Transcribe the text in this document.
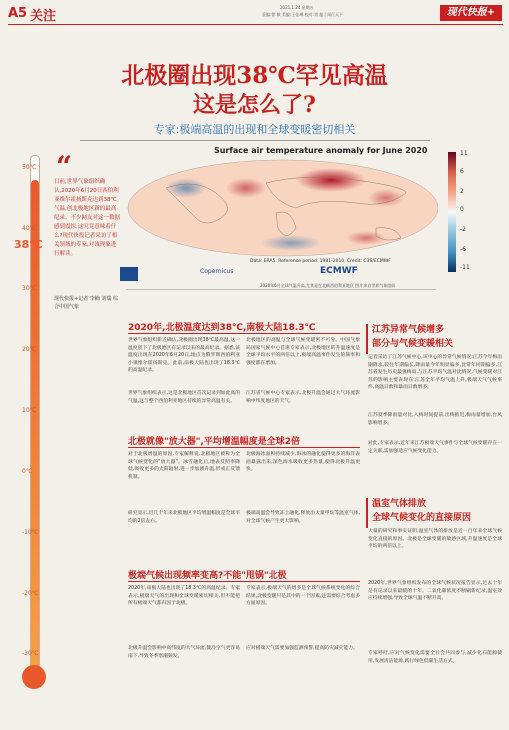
A5 关注
2021.1.24 星期五
责编:徐 敏 美编:王佳琳 校对:刘 超 | 闻行天下	现代快报+
北极圈出现38℃罕见高温
这是怎么了?
专家:极端高温的出现和全球变暖密切相关
50℃
40℃
30℃
20℃
10℃
0℃
-10℃
-20℃
-30℃
38℃
“
日前,世界气象组织确认,2020年6月20日西伯利亚维尔霍扬斯克达到38℃气温,创北极地区新的最高纪录。不少网友对这一数据感到震惊,这究竟意味着什么?现代快报记者采访了相关领域的专家,对该现象进行解读。
现代快报+记者 李楠 刘瑞 综合中国气象
Surface air temperature anomaly for June 2020	11
6
2
0
-2
-6
-11
Data: ERA5. Reference period: 1981-2010. Credit: C3S/ECMWF
Copernicus	ECMWF
2020年6月全球气温升高,尤其是在北极西伯利亚地区 图片来自世界气象组织
2020年,北极温度达到38℃,南极大陆18.3℃
世界气象组织新近确认,北极圈出现38℃最高温,这一温度创下了北极地区有记录以来的最高纪录。据悉,该温度出现在2020年6月20日,地点为俄罗斯西伯利亚小镇维尔霍扬斯克。此前,南极大陆也出现了18.3℃的高温纪录。
世界气象组织表示,这是北极地区首次记录到如此高的气温,这与整个西伯利亚地区持续的异常高温有关。
北极地区的高温与全球气候变暖密不可分。中国气象局国家气候中心首席专家表示,北极地区的升温速度是全球平均水平的两倍以上,极端高温事件发生的频率和强度都在增加。
江苏省气候中心专家表示,北极升温会通过大气环流影响中纬度地区的天气。
北极就像"放大器",平均增温幅度是全球2倍
对于北极增温的原因,专家解释说,北极地区被称为全球气候变化的"放大器"。冰雪融化后,地表反照率降低,吸收更多的太阳辐射,进一步加剧升温,形成正反馈机制。
研究显示,近几十年来北极地区平均增温幅度是全球平均的2倍左右。
北极海冰面积持续减少,海冰的融化使得更多的海洋表面暴露出来,深色海水吸收更多热量,使得北极升温更快。
极端高温会导致冻土融化,释放出大量甲烷等温室气体,对全球气候产生更大影响。
极端气候出现频率变高?不能"甩锅"北极
2020年,南极大陆也出现了18.3℃的高温纪录。专家表示,极端天气的出现和全球变暖密切相关,但不能把所有极端天气都归因于北极。
北极升温会影响中高纬度的大气环流,使冷空气更容易南下,导致冬季寒潮频发。
专家表示,极端天气的增多是全球气候系统变化的综合结果,北极变暖只是其中的一个因素,还需要综合考虑多方面原因。
应对极端天气需要加强监测预警,提高防灾减灾能力。
江苏异常气候增多
部分与气候变暖相关
记者采访了江苏气候中心,该中心的异常气候情况:江苏今年梅雨期降水,较往年期偏长,降雨量今年明显偏多,比常年同期偏多,江苏省发生历史最强梅雨,与江苏平均气温对比情况,气候变暖对江苏的影响主要表现在:江苏全年平均气温上升,极端天气气候事件,高温日数和暴雨日数增多。
江苏夏季降雨量对比,入梅时间提前,出梅推迟,梅雨量增加,台风影响增多。
对此,专家表示,近年来江苏极端天气事件与全球气候变暖存在一定关联,需加强适应气候变化能力。
温室气体排放
全球气候变化的直接原因
大量的研究和事实证明,温室气体的排放是近一百年来全球气候变化直接的原因。北极是全球变暖的敏感区域,升温速度是全球平均的两倍以上。
2020年,世界气象组织发布的全球气候状况报告显示,过去十年是有记录以来最暖的十年。二氧化碳浓度不断刷新纪录,温室效应持续增强,导致全球气温不断升高。
专家呼吁,应对气候变化需要全社会共同参与,减少化石能源使用,发展清洁能源,践行绿色低碳生活方式。
